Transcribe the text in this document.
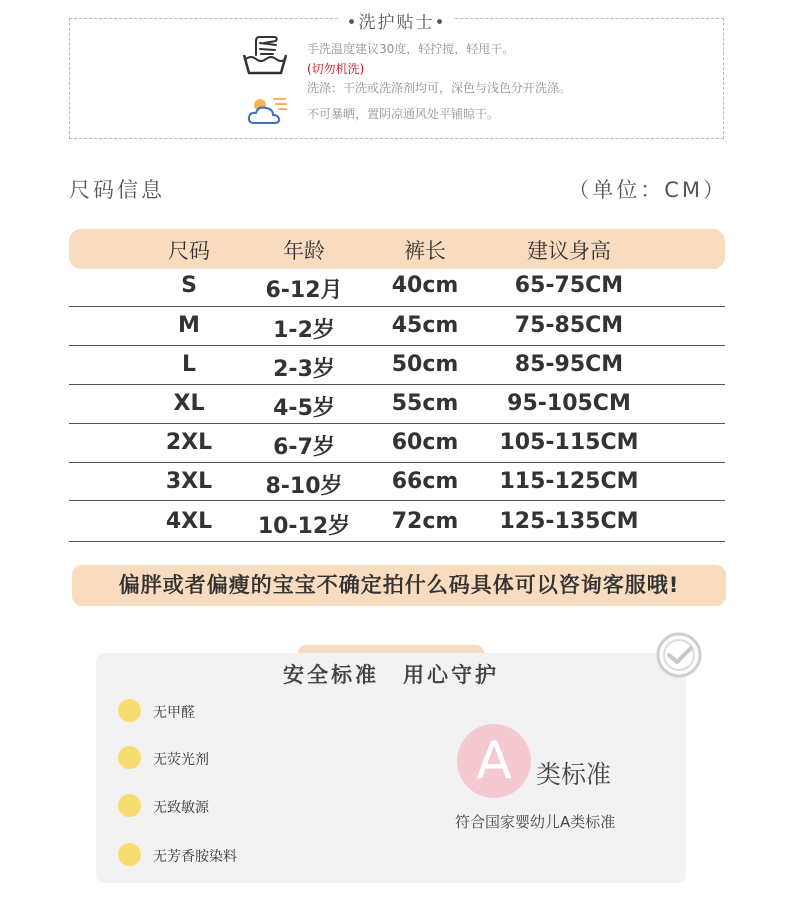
•洗护贴士•
手洗温度建议30度，轻拧搅，轻甩干。
(切勿机洗)
洗涤：干洗或洗涤剂均可，深色与浅色分开洗涤。
不可暴晒，置阴凉通风处平铺晾干。
尺码信息	（单位：CM）
尺码	年龄	裤长	建议身高
S	6-12月	40cm	65-75CM
M	1-2岁	45cm	75-85CM
L	2-3岁	50cm	85-95CM
XL	4-5岁	55cm	95-105CM
2XL	6-7岁	60cm	105-115CM
3XL	8-10岁	66cm	115-125CM
4XL	10-12岁	72cm	125-135CM
偏胖或者偏瘦的宝宝不确定拍什么码具体可以咨询客服哦!
安全标准　用心守护
无甲醛
无荧光剂
无致敏源
无芳香胺染料
A 类标准
符合国家婴幼儿A类标准
